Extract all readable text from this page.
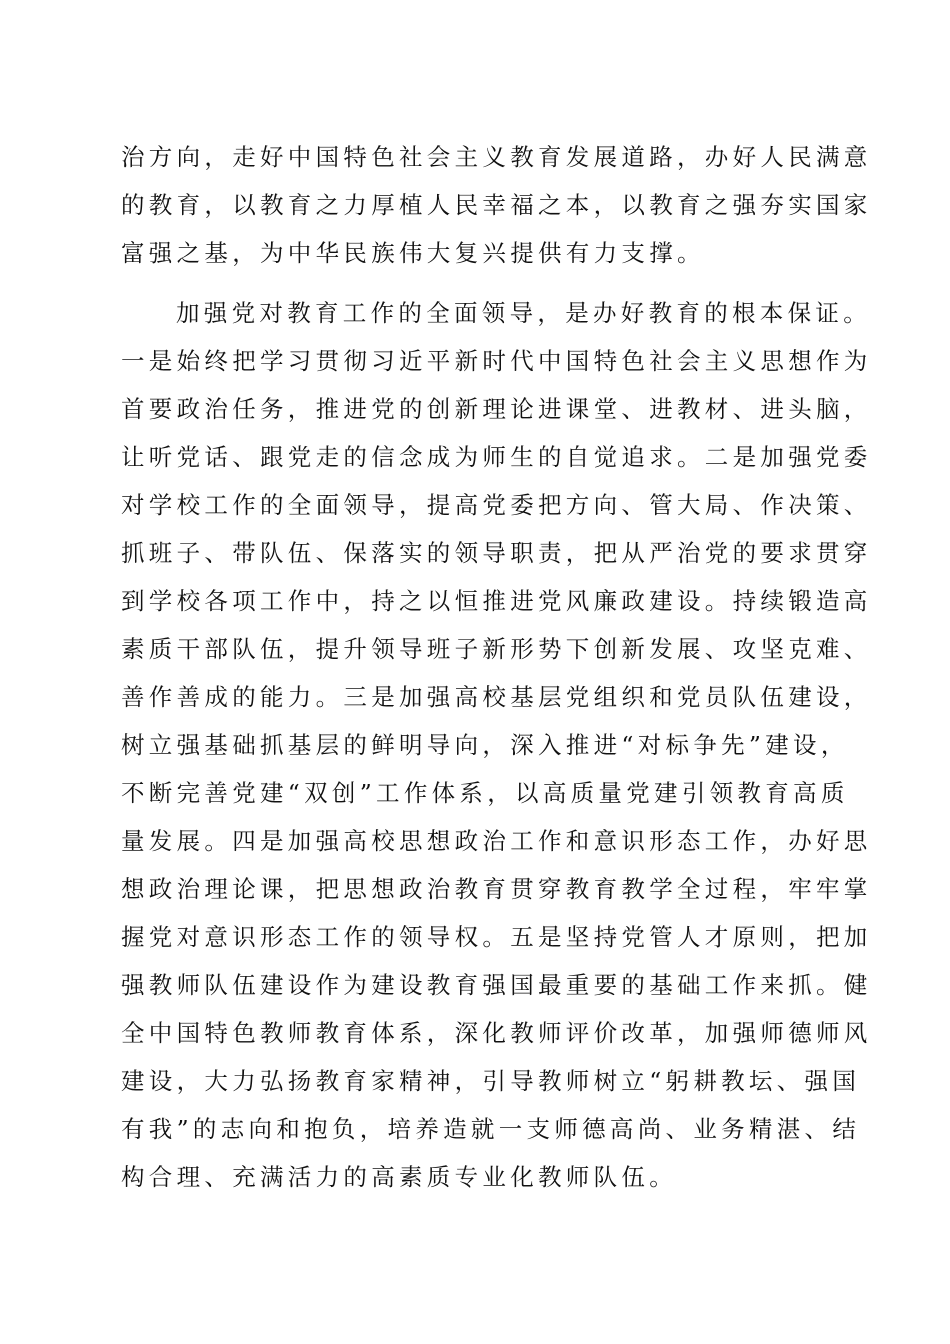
治方向，走好中国特色社会主义教育发展道路，办好人民满意
的教育，以教育之力厚植人民幸福之本，以教育之强夯实国家
富强之基，为中华民族伟大复兴提供有力支撑。
加强党对教育工作的全面领导，是办好教育的根本保证。
一是始终把学习贯彻习近平新时代中国特色社会主义思想作为
首要政治任务，推进党的创新理论进课堂、进教材、进头脑，
让听党话、跟党走的信念成为师生的自觉追求。二是加强党委
对学校工作的全面领导，提高党委把方向、管大局、作决策、
抓班子、带队伍、保落实的领导职责，把从严治党的要求贯穿
到学校各项工作中，持之以恒推进党风廉政建设。持续锻造高
素质干部队伍，提升领导班子新形势下创新发展、攻坚克难、
善作善成的能力。三是加强高校基层党组织和党员队伍建设，
树立强基础抓基层的鲜明导向，深入推进“对标争先”建设，
不断完善党建“双创”工作体系，以高质量党建引领教育高质
量发展。四是加强高校思想政治工作和意识形态工作，办好思
想政治理论课，把思想政治教育贯穿教育教学全过程，牢牢掌
握党对意识形态工作的领导权。五是坚持党管人才原则，把加
强教师队伍建设作为建设教育强国最重要的基础工作来抓。健
全中国特色教师教育体系，深化教师评价改革，加强师德师风
建设，大力弘扬教育家精神，引导教师树立“躬耕教坛、强国
有我”的志向和抱负，培养造就一支师德高尚、业务精湛、结
构合理、充满活力的高素质专业化教师队伍。
